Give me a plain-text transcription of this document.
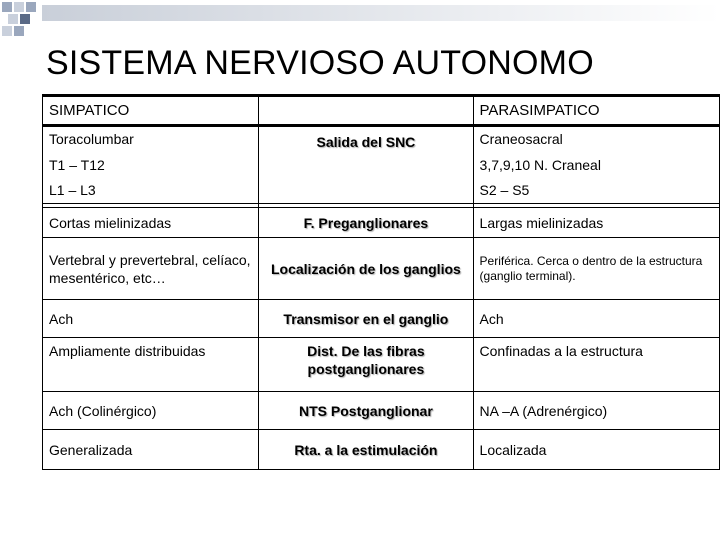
SISTEMA NERVIOSO AUTONOMO
SIMPATICO		PARASIMPATICO
Toracolumbar	Salida del SNC	Craneosacral
T1 – T12		3,7,9,10 N. Craneal
L1 – L3		S2 – S5

Cortas mielinizadas	F. Preganglionares	Largas mielinizadas
Vertebral y prevertebral, celíaco, mesentérico, etc…	Localización de los ganglios	Periférica. Cerca o dentro de la estructura (ganglio terminal).
Ach	Transmisor en el ganglio	Ach
Ampliamente distribuidas	Dist. De las fibras postganglionares	Confinadas a la estructura
Ach (Colinérgico)	NTS Postganglionar	NA –A (Adrenérgico)
Generalizada	Rta. a la estimulación	Localizada
